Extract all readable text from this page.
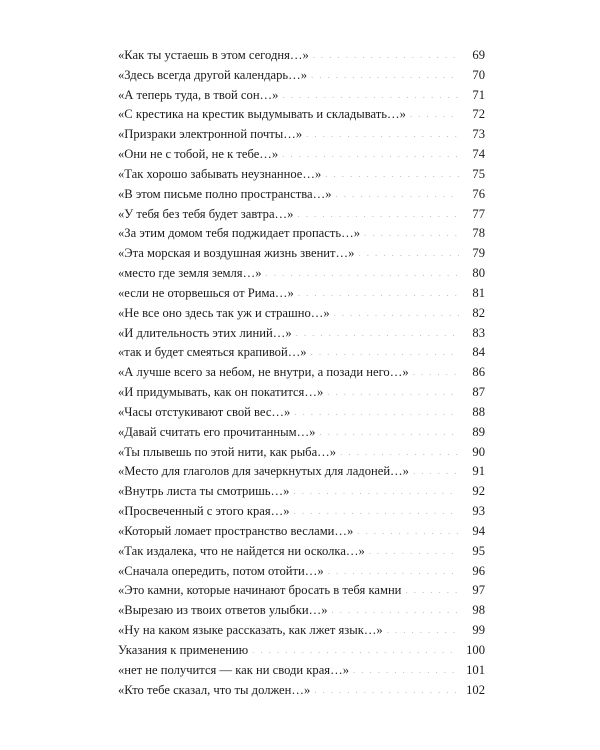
«Как ты устаешь в этом сегодня…» .....	69
«Здесь всегда другой календарь…» .....	70
«А теперь туда, в твой сон…» .....	71
«С крестика на крестик выдумывать и складывать…» .....	72
«Призраки электронной почты…» .....	73
«Они не с тобой, не к тебе…» .....	74
«Так хорошо забывать неузнанное…» .....	75
«В этом письме полно пространства…» .....	76
«У тебя без тебя будет завтра…» .....	77
«За этим домом тебя поджидает пропасть…» .....	78
«Эта морская и воздушная жизнь звенит…» .....	79
«место где земля земля…» .....	80
«если не оторвешься от Рима…» .....	81
«Не все оно здесь так уж и страшно…» .....	82
«И длительность этих линий…» .....	83
«так и будет смеяться крапивой…» .....	84
«А лучше всего за небом, не внутри, а позади него…» .....	86
«И придумывать, как он покатится…» .....	87
«Часы отстукивают свой вес…» .....	88
«Давай считать его прочитанным…» .....	89
«Ты плывешь по этой нити, как рыба…» .....	90
«Место для глаголов для зачеркнутых для ладоней…» .....	91
«Внутрь листа ты смотришь…» .....	92
«Просвеченный с этого края…» .....	93
«Который ломает пространство веслами…» .....	94
«Так издалека, что не найдется ни осколка…» .....	95
«Сначала опередить, потом отойти…» .....	96
«Это камни, которые начинают бросать в тебя камни .....	97
«Вырезаю из твоих ответов улыбки…» .....	98
«Ну на каком языке рассказать, как лжет язык…» .....	99
Указания к применению .....	100
«нет не получится — как ни своди края…» .....	101
«Кто тебе сказал, что ты должен…» .....	102
